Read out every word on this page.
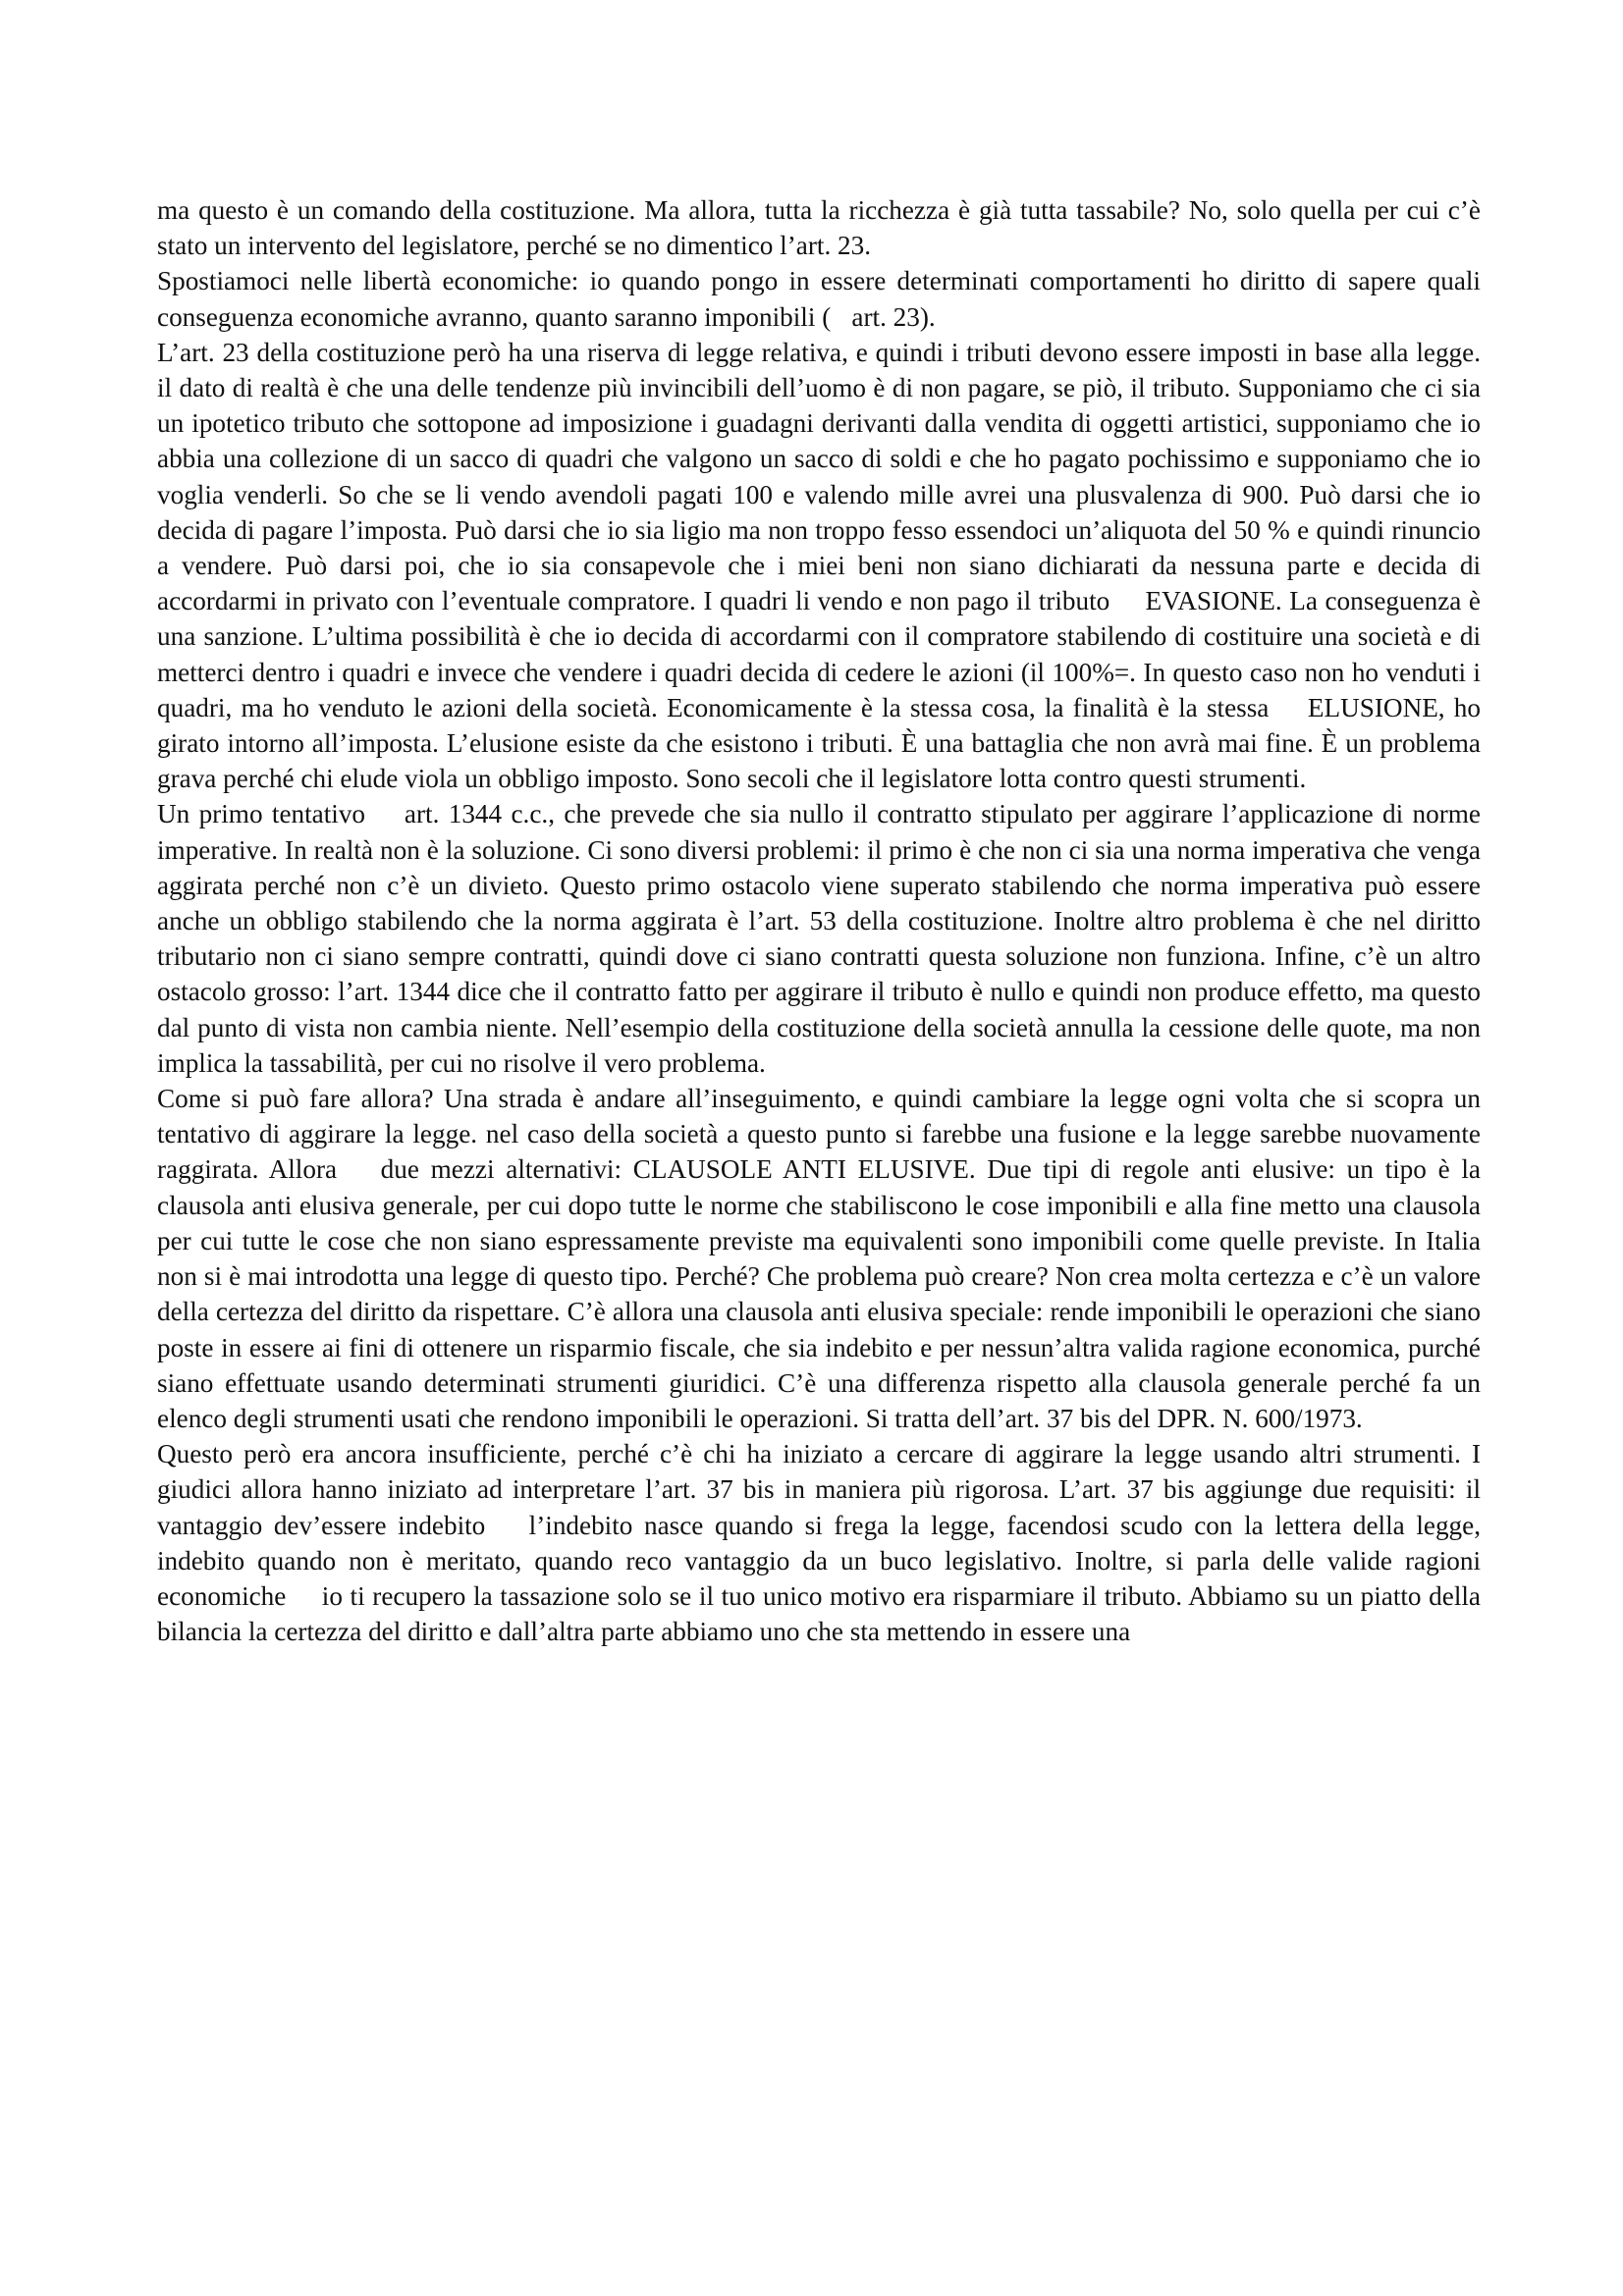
ma questo è un comando della costituzione. Ma allora, tutta la ricchezza è già tutta tassabile? No, solo quella per cui c’è stato un intervento del legislatore, perché se no dimentico l’art. 23.

Spostiamoci nelle libertà economiche: io quando pongo in essere determinati comportamenti ho diritto di sapere quali conseguenza economiche avranno, quanto saranno imponibili ( art. 23).

L’art. 23 della costituzione però ha una riserva di legge relativa, e quindi i tributi devono essere imposti in base alla legge. il dato di realtà è che una delle tendenze più invincibili dell’uomo è di non pagare, se piò, il tributo. Supponiamo che ci sia un ipotetico tributo che sottopone ad imposizione i guadagni derivanti dalla vendita di oggetti artistici, supponiamo che io abbia una collezione di un sacco di quadri che valgono un sacco di soldi e che ho pagato pochissimo e supponiamo che io voglia venderli. So che se li vendo avendoli pagati 100 e valendo mille avrei una plusvalenza di 900. Può darsi che io decida di pagare l’imposta. Può darsi che io sia ligio ma non troppo fesso essendoci un’aliquota del 50 % e quindi rinuncio a vendere. Può darsi poi, che io sia consapevole che i miei beni non siano dichiarati da nessuna parte e decida di accordarmi in privato con l’eventuale compratore. I quadri li vendo e non pago il tributo EVASIONE. La conseguenza è una sanzione. L’ultima possibilità è che io decida di accordarmi con il compratore stabilendo di costituire una società e di metterci dentro i quadri e invece che vendere i quadri decida di cedere le azioni (il 100%=. In questo caso non ho venduti i quadri, ma ho venduto le azioni della società. Economicamente è la stessa cosa, la finalità è la stessa ELUSIONE, ho girato intorno all’imposta. L’elusione esiste da che esistono i tributi. È una battaglia che non avrà mai fine. È un problema grava perché chi elude viola un obbligo imposto. Sono secoli che il legislatore lotta contro questi strumenti.

Un primo tentativo art. 1344 c.c., che prevede che sia nullo il contratto stipulato per aggirare l’applicazione di norme imperative. In realtà non è la soluzione. Ci sono diversi problemi: il primo è che non ci sia una norma imperativa che venga aggirata perché non c’è un divieto. Questo primo ostacolo viene superato stabilendo che norma imperativa può essere anche un obbligo stabilendo che la norma aggirata è l’art. 53 della costituzione. Inoltre altro problema è che nel diritto tributario non ci siano sempre contratti, quindi dove ci siano contratti questa soluzione non funziona. Infine, c’è un altro ostacolo grosso: l’art. 1344 dice che il contratto fatto per aggirare il tributo è nullo e quindi non produce effetto, ma questo dal punto di vista non cambia niente. Nell’esempio della costituzione della società annulla la cessione delle quote, ma non implica la tassabilità, per cui no risolve il vero problema.

Come si può fare allora? Una strada è andare all’inseguimento, e quindi cambiare la legge ogni volta che si scopra un tentativo di aggirare la legge. nel caso della società a questo punto si farebbe una fusione e la legge sarebbe nuovamente raggirata. Allora due mezzi alternativi: CLAUSOLE ANTI ELUSIVE. Due tipi di regole anti elusive: un tipo è la clausola anti elusiva generale, per cui dopo tutte le norme che stabiliscono le cose imponibili e alla fine metto una clausola per cui tutte le cose che non siano espressamente previste ma equivalenti sono imponibili come quelle previste. In Italia non si è mai introdotta una legge di questo tipo. Perché? Che problema può creare? Non crea molta certezza e c’è un valore della certezza del diritto da rispettare. C’è allora una clausola anti elusiva speciale: rende imponibili le operazioni che siano poste in essere ai fini di ottenere un risparmio fiscale, che sia indebito e per nessun’altra valida ragione economica, purché siano effettuate usando determinati strumenti giuridici. C’è una differenza rispetto alla clausola generale perché fa un elenco degli strumenti usati che rendono imponibili le operazioni. Si tratta dell’art. 37 bis del DPR. N. 600/1973.

Questo però era ancora insufficiente, perché c’è chi ha iniziato a cercare di aggirare la legge usando altri strumenti. I giudici allora hanno iniziato ad interpretare l’art. 37 bis in maniera più rigorosa. L’art. 37 bis aggiunge due requisiti: il vantaggio dev’essere indebito l’indebito nasce quando si frega la legge, facendosi scudo con la lettera della legge, indebito quando non è meritato, quando reco vantaggio da un buco legislativo. Inoltre, si parla delle valide ragioni economiche io ti recupero la tassazione solo se il tuo unico motivo era risparmiare il tributo. Abbiamo su un piatto della bilancia la certezza del diritto e dall’altra parte abbiamo uno che sta mettendo in essere una
